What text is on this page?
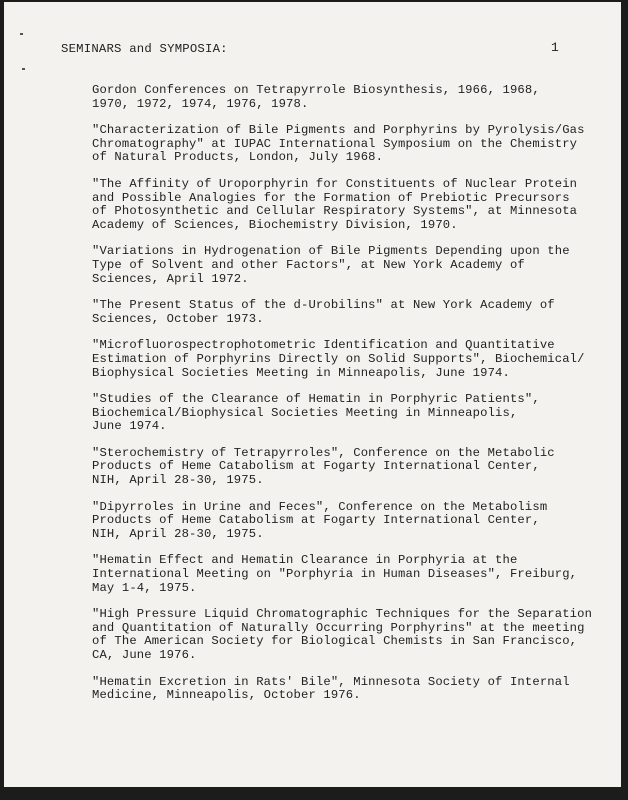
SEMINARS and SYMPOSIA:	1
Gordon Conferences on Tetrapyrrole Biosynthesis, 1966, 1968,
1970, 1972, 1974, 1976, 1978.
"Characterization of Bile Pigments and Porphyrins by Pyrolysis/Gas
Chromatography" at IUPAC International Symposium on the Chemistry
of Natural Products, London, July 1968.
"The Affinity of Uroporphyrin for Constituents of Nuclear Protein
and Possible Analogies for the Formation of Prebiotic Precursors
of Photosynthetic and Cellular Respiratory Systems", at Minnesota
Academy of Sciences, Biochemistry Division, 1970.
"Variations in Hydrogenation of Bile Pigments Depending upon the
Type of Solvent and other Factors", at New York Academy of
Sciences, April 1972.
"The Present Status of the d-Urobilins" at New York Academy of
Sciences, October 1973.
"Microfluorospectrophotometric Identification and Quantitative
Estimation of Porphyrins Directly on Solid Supports", Biochemical/
Biophysical Societies Meeting in Minneapolis, June 1974.
"Studies of the Clearance of Hematin in Porphyric Patients",
Biochemical/Biophysical Societies Meeting in Minneapolis,
June 1974.
"Sterochemistry of Tetrapyrroles", Conference on the Metabolic
Products of Heme Catabolism at Fogarty International Center,
NIH, April 28-30, 1975.
"Dipyrroles in Urine and Feces", Conference on the Metabolism
Products of Heme Catabolism at Fogarty International Center,
NIH, April 28-30, 1975.
"Hematin Effect and Hematin Clearance in Porphyria at the
International Meeting on "Porphyria in Human Diseases", Freiburg,
May 1-4, 1975.
"High Pressure Liquid Chromatographic Techniques for the Separation
and Quantitation of Naturally Occurring Porphyrins" at the meeting
of The American Society for Biological Chemists in San Francisco,
CA, June 1976.
"Hematin Excretion in Rats' Bile", Minnesota Society of Internal
Medicine, Minneapolis, October 1976.
